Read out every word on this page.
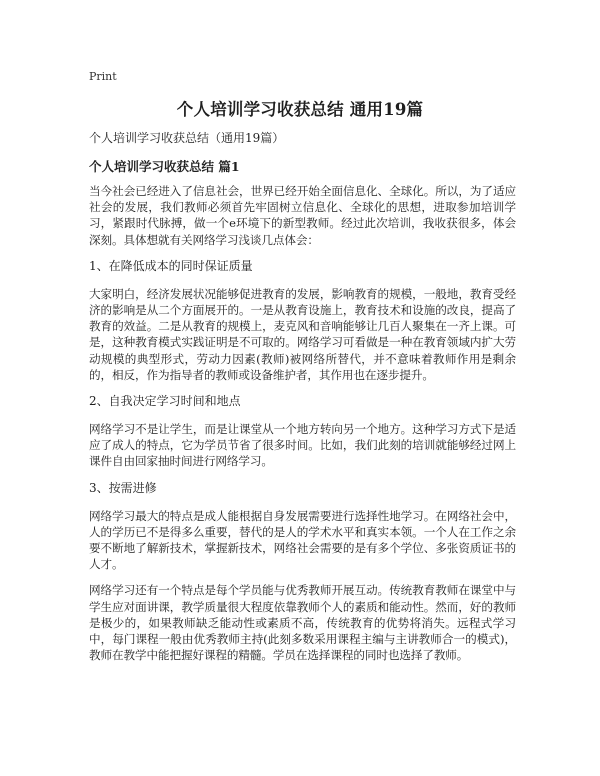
Print
个人培训学习收获总结 通用19篇
个人培训学习收获总结（通用19篇）
个人培训学习收获总结 篇1
当今社会已经进入了信息社会，世界已经开始全面信息化、全球化。所以，为了适应社会的发展，我们教师必须首先牢固树立信息化、全球化的思想，进取参加培训学习，紧跟时代脉搏，做一个e环境下的新型教师。经过此次培训，我收获很多，体会深刻。具体想就有关网络学习浅谈几点体会：
1、在降低成本的同时保证质量
大家明白，经济发展状况能够促进教育的发展，影响教育的规模，一般地，教育受经济的影响是从二个方面展开的。一是从教育设施上，教育技术和设施的改良，提高了教育的效益。二是从教育的规模上，麦克风和音响能够让几百人聚集在一齐上课。可是，这种教育模式实践证明是不可取的。网络学习可看做是一种在教育领域内扩大劳动规模的典型形式，劳动力因素(教师)被网络所替代，并不意味着教师作用是剩余的，相反，作为指导者的教师或设备维护者，其作用也在逐步提升。
2、自我决定学习时间和地点
网络学习不是让学生，而是让课堂从一个地方转向另一个地方。这种学习方式下是适应了成人的特点，它为学员节省了很多时间。比如，我们此刻的培训就能够经过网上课件自由回家抽时间进行网络学习。
3、按需进修
网络学习最大的特点是成人能根据自身发展需要进行选择性地学习。在网络社会中，人的学历已不是得多么重要，替代的是人的学术水平和真实本领。一个人在工作之余要不断地了解新技术，掌握新技术，网络社会需要的是有多个学位、多张资质证书的人才。
网络学习还有一个特点是每个学员能与优秀教师开展互动。传统教育教师在课堂中与学生应对面讲课，教学质量很大程度依靠教师个人的素质和能动性。然而，好的教师是极少的，如果教师缺乏能动性或素质不高，传统教育的优势将消失。远程式学习中，每门课程一般由优秀教师主持(此刻多数采用课程主编与主讲教师合一的模式)，教师在教学中能把握好课程的精髓。学员在选择课程的同时也选择了教师。
